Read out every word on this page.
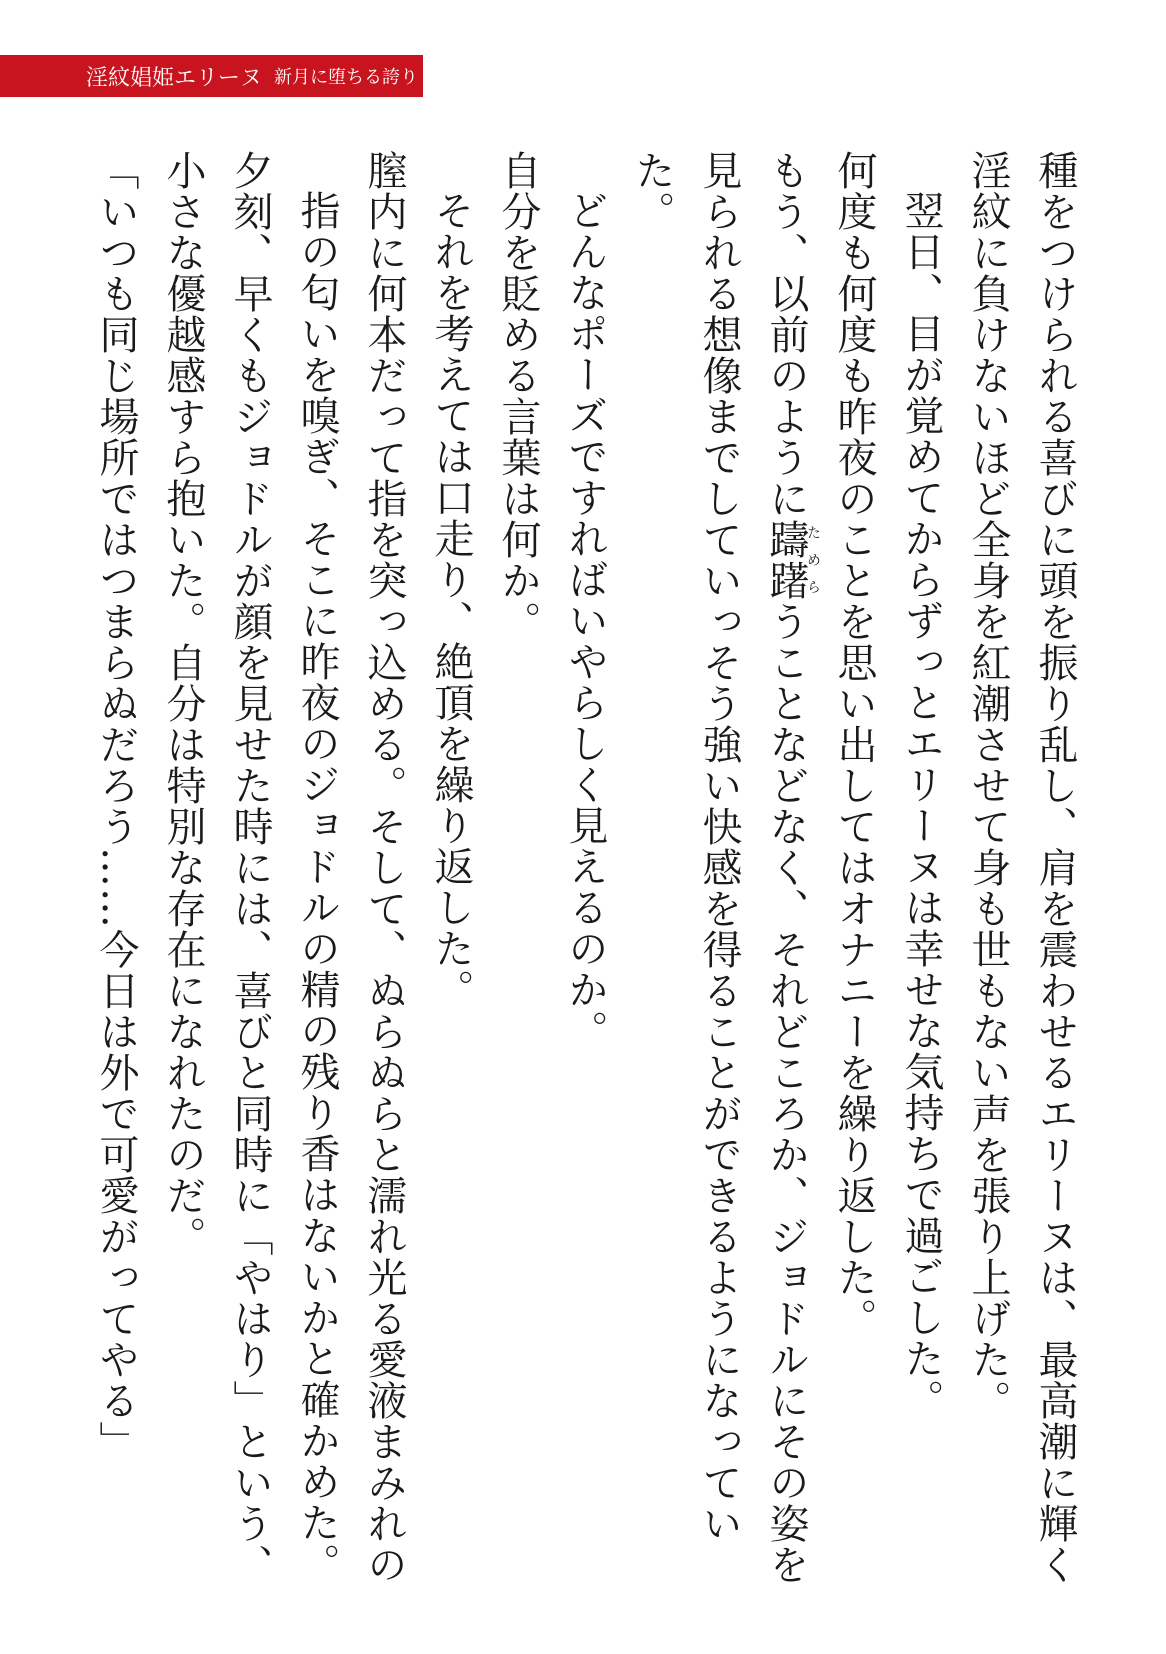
淫紋娼姫エリーヌ 新月に堕ちる誇り

種をつけられる喜びに頭を振り乱し、肩を震わせるエリーヌは、最高潮に輝く

淫紋に負けないほど全身を紅潮させて身も世もない声を張り上げた。

翌日、目が覚めてからずっとエリーヌは幸せな気持ちで過ごした。

何度も何度も昨夜のことを思い出してはオナニーを繰り返した。

もう、以前のように躊躇ためらうことなどなく、それどころか、ジョドルにその姿を

見られる想像までしていっそう強い快感を得ることができるようになっていた。

どんなポーズですればいやらしく見えるのか。

自分を貶める言葉は何か。

それを考えては口走り、絶頂を繰り返した。

膣内に何本だって指を突っ込める。そして、ぬらぬらと濡れ光る愛液まみれの

指の匂いを嗅ぎ、そこに昨夜のジョドルの精の残り香はないかと確かめた。

夕刻、早くもジョドルが顔を見せた時には、喜びと同時に「やはり」という、

小さな優越感すら抱いた。自分は特別な存在になれたのだ。

「いつも同じ場所ではつまらぬだろう……今日は外で可愛がってやる」
